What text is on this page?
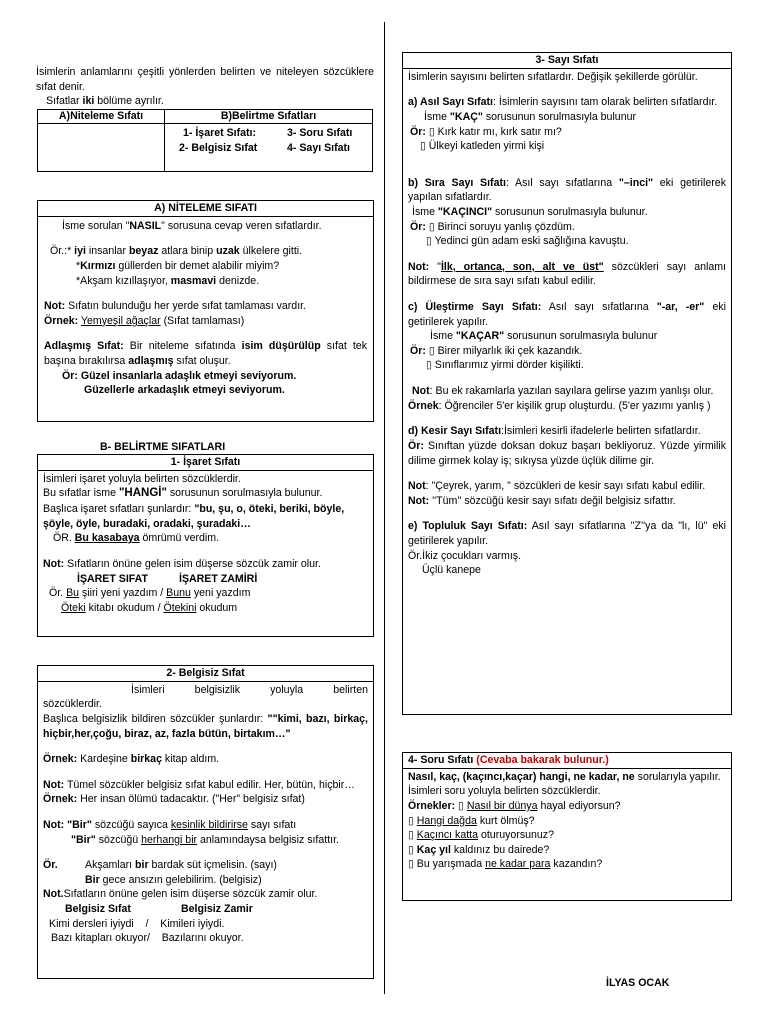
İsimlerin anlamlarını çeşitli yönlerden belirten ve niteleyen sözcüklere sıfat denir.

Sıfatlar iki bölüme ayrılır.

A)Niteleme Sıfatı	B)Belirtme Sıfatları

	1- İşaret Sıfatı: 3- Soru Sıfatı
2- Belgisiz Sıfat 4- Sayı Sıfatı
A) NİTELEME SIFATI

İsme sorulan "NASIL" sorusuna cevap veren sıfatlardır.

Ör.:* iyi insanlar beyaz atlara binip uzak ülkelere gitti.

*Kırmızı güllerden bir demet alabilir miyim?

*Akşam kızıllaşıyor, masmavi denizde.

Not: Sıfatın bulunduğu her yerde sıfat tamlaması vardır.

Örnek: Yemyeşil ağaçlar (Sıfat tamlaması)

Adlaşmış Sıfat: Bir niteleme sıfatında isim düşürülüp sıfat tek başına bırakılırsa adlaşmış sıfat oluşur.

Ör: Güzel insanlarla adaşlık etmeyi seviyorum.

Güzellerle arkadaşlık etmeyi seviyorum.

B- BELİRTME SIFATLARI
1- İşaret Sıfatı

İsimleri işaret yoluyla belirten sözcüklerdir.

Bu sıfatlar isme "HANGİ" sorusunun sorulmasıyla bulunur.

Başlıca işaret sıfatları şunlardır: "bu, şu, o, öteki, beriki, böyle, şöyle, öyle, buradaki, oradaki, şuradaki…

ÖR. Bu kasabaya ömrümü verdim.

Not: Sıfatların önüne gelen isim düşerse sözcük zamir olur.

İŞARET SIFAT	İŞARET ZAMİRİ

Ör. Bu şiiri yeni yazdım / Bunu yeni yazdım

Öteki kitabı okudum / Ötekini okudum

2- Belgisiz Sıfat

İsimleri belgisizlik yoluyla belirten sözcüklerdir.

Başlıca belgisizlik bildiren sözcükler şunlardır: ""kimi, bazı, birkaç, hiçbir,her,çoğu, biraz, az, fazla bütün, birtakım…"

Örnek: Kardeşine birkaç kitap aldım.

Not: Tümel sözcükler belgisiz sıfat kabul edilir. Her, bütün, hiçbir…

Örnek: Her insan ölümü tadacaktır. ("Her" belgisiz sıfat)

Not: "Bir" sözcüğü sayıca kesinlik bildirirse sayı sıfatı

"Bir" sözcüğü herhangi bir anlamındaysa belgisiz sıfattır.

Ör.	Akşamları bir bardak süt içmelisin. (sayı)

Bir gece ansızın gelebilirim. (belgisiz)

Not.Sıfatların önüne gelen isim düşerse sözcük zamir olur.

Belgisiz Sıfat	Belgisiz Zamir

Kimi dersleri iyiydi    /    Kimileri iyiydi.

Bazı kitapları okuyor/    Bazılarını okuyor.

3- Sayı Sıfatı

İsimlerin sayısını belirten sıfatlardır. Değişik şekillerde görülür.

a) Asıl Sayı Sıfatı: İsimlerin sayısını tam olarak belirten sıfatlardır.

İsme "KAÇ" sorusunun sorulmasıyla bulunur

Ör: ▯ Kırk katır mı, kırk satır mı?

▯ Ülkeyi katleden yirmi kişi

b) Sıra Sayı Sıfatı: Asıl sayı sıfatlarına "–inci" eki getirilerek yapılan sıfatlardır.

İsme "KAÇINCI" sorusunun sorulmasıyla bulunur.

Ör: ▯ Birinci soruyu yanlış çözdüm.

▯ Yedinci gün adam eski sağlığına kavuştu.

Not: "İlk, ortanca, son, alt ve üst" sözcükleri sayı anlamı bildirmese de sıra sayı sıfatı kabul edilir.

c) Üleştirme Sayı Sıfatı: Asıl sayı sıfatlarına "-ar, -er" eki getirilerek yapılır.

İsme "KAÇAR" sorusunun sorulmasıyla bulunur

Ör: ▯ Birer milyarlık iki çek kazandık.

▯ Sınıflarımız yirmi dörder kişilikti.

Not: Bu ek rakamlarla yazılan sayılara gelirse yazım yanlışı olur.

Örnek: Öğrenciler 5'er kişilik grup oluşturdu. (5'er yazımı yanlış )

d) Kesir Sayı Sıfatı:İsimleri kesirli ifadelerle belirten sıfatlardır.

Ör: Sınıftan yüzde doksan dokuz başarı bekliyoruz. Yüzde yirmilik dilime girmek kolay iş; sıkıysa yüzde üçlük dilime gir.

Not: "Çeyrek, yarım, " sözcükleri de kesir sayı sıfatı kabul edilir.

Not: ''Tüm'' sözcüğü kesir sayı sıfatı değil belgisiz sıfattır.

e) Topluluk Sayı Sıfatı: Asıl sayı sıfatlarına ''Z''ya da "lı, lü" eki getirilerek yapılır.

Ör.İkiz çocukları varmış.

Üçlü kanepe

4- Soru Sıfatı (Cevaba bakarak bulunur.)

Nasıl, kaç, (kaçıncı,kaçar) hangi, ne kadar, ne sorularıyla yapılır.

İsimleri soru yoluyla belirten sözcüklerdir.

Örnekler: ▯ Nasıl bir dünya hayal ediyorsun?

▯ Hangi dağda kurt ölmüş?

▯ Kaçıncı katta oturuyorsunuz?

▯ Kaç yıl kaldınız bu dairede?

▯ Bu yarışmada ne kadar para kazandın?

İLYAS OCAK
